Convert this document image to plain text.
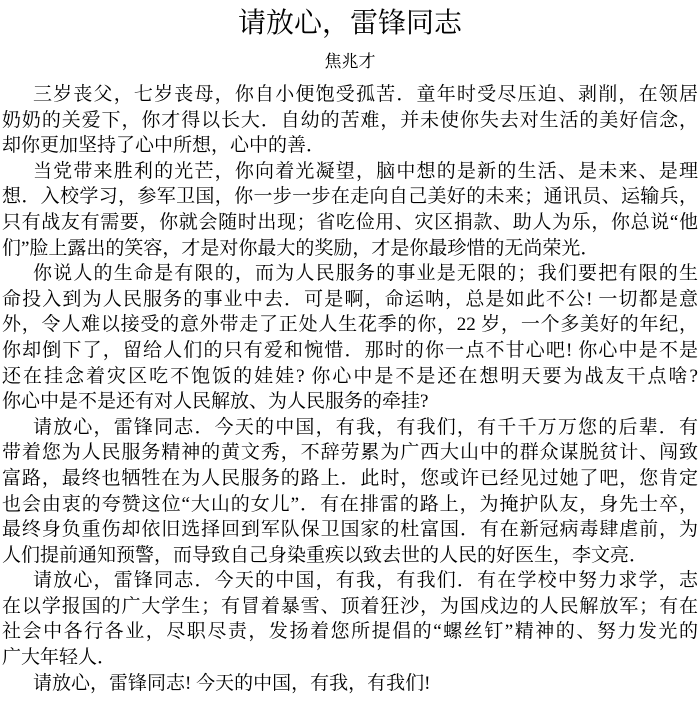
请放心，雷锋同志
焦兆才
三岁丧父，七岁丧母，你自小便饱受孤苦．童年时受尽压迫、剥削，在领居
奶奶的关爱下，你才得以长大．自幼的苦难，并未使你失去对生活的美好信念，
却你更加坚持了心中所想，心中的善．
当党带来胜利的光芒，你向着光凝望，脑中想的是新的生活、是未来、是理
想．入校学习，参军卫国，你一步一步在走向自己美好的未来；通讯员、运输兵，
只有战友有需要，你就会随时出现；省吃俭用、灾区捐款、助人为乐，你总说“他
们”脸上露出的笑容，才是对你最大的奖励，才是你最珍惜的无尚荣光．
你说人的生命是有限的，而为人民服务的事业是无限的；我们要把有限的生
命投入到为人民服务的事业中去．可是啊，命运呐，总是如此不公! 一切都是意
外，令人难以接受的意外带走了正处人生花季的你，22 岁，一个多美好的年纪，
你却倒下了，留给人们的只有爱和惋惜．那时的你一点不甘心吧! 你心中是不是
还在挂念着灾区吃不饱饭的娃娃? 你心中是不是还在想明天要为战友干点啥?
你心中是不是还有对人民解放、为人民服务的牵挂?
请放心，雷锋同志．今天的中国，有我，有我们，有千千万万您的后辈．有
带着您为人民服务精神的黄文秀，不辞劳累为广西大山中的群众谋脱贫计、闯致
富路，最终也牺牲在为人民服务的路上．此时，您或许已经见过她了吧，您肯定
也会由衷的夸赞这位“大山的女儿”．有在排雷的路上，为掩护队友，身先士卒，
最终身负重伤却依旧选择回到军队保卫国家的杜富国．有在新冠病毒肆虐前，为
人们提前通知预警，而导致自己身染重疾以致去世的人民的好医生，李文亮．
请放心，雷锋同志．今天的中国，有我，有我们．有在学校中努力求学，志
在以学报国的广大学生；有冒着暴雪、顶着狂沙，为国戍边的人民解放军；有在
社会中各行各业，尽职尽责，发扬着您所提倡的“螺丝钉”精神的、努力发光的
广大年轻人．
请放心，雷锋同志! 今天的中国，有我，有我们!
